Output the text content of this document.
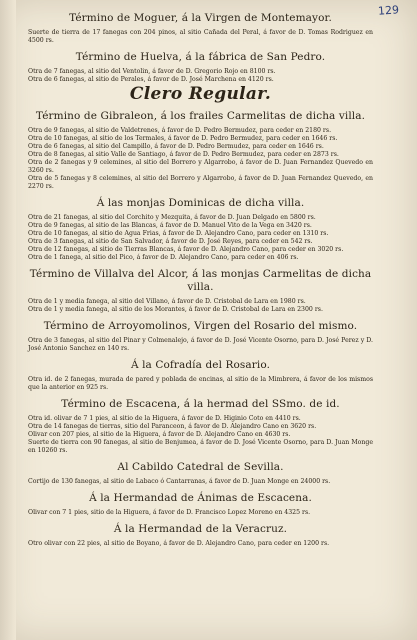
129
Término de Moguer, á la Virgen de Montemayor.

Suerte de tierra de 17 fanegas con 204 pinos, al sitio Cañada del Peral, á favor de D. Tomas Rodriguez en 4500 rs.

Término de Huelva, á la fábrica de San Pedro.

Otra de 7 fanegas, al sitio del Ventolin, á favor de D. Gregorio Rojo en 8100 rs.

Otra de 6 fanegas, al sitio de Perales, á favor de D. José Marchena en 4120 rs.

Clero Regular.
Término de Gibraleon, á los frailes Carmelitas de dicha villa.

Otra de 9 fanegas, al sitio de Valdetrenes, á favor de D. Pedro Bermudez, para ceder en 2180 rs.

Otra de 10 fanegas, al sitio de los Termales, á favor de D. Pedro Bermudez, para ceder en 1646 rs.

Otra de 6 fanegas, al sitio del Campillo, á favor de D. Pedro Bermudez, para ceder en 1646 rs.

Otra de 8 fanegas, al sitio Valle de Santiago, á favor de D. Pedro Bermudez, para ceder en 2873 rs.

Otra de 2 fanegas y 9 celemines, al sitio del Borrero y Algarrobo, á favor de D. Juan Fernandez Quevedo en 3260 rs.

Otra de 5 fanegas y 8 celemines, al sitio del Borrero y Algarrobo, á favor de D. Juan Fernandez Quevedo, en 2270 rs.

Á las monjas Dominicas de dicha villa.

Otra de 21 fanegas, al sitio del Corchito y Mezquita, á favor de D. Juan Delgado en 5800 rs.

Otra de 9 fanegas, al sitio de las Blancas, á favor de D. Manuel Vito de la Vega en 3420 rs.

Otra de 10 fanegas, al sitio de Agua Frias, á favor de D. Alejandro Cano, para ceder en 1310 rs.

Otra de 3 fanegas, al sitio de San Salvador, á favor de D. José Reyes, para ceder en 542 rs.

Otra de 12 fanegas, al sitio de Tierras Blancas, á favor de D. Alejandro Cano, para ceder en 3020 rs.

Otra de 1 fanega, al sitio del Pico, á favor de D. Alejandro Cano, para ceder en 406 rs.

Término de Villalva del Alcor, á las monjas Carmelitas de dicha villa.

Otra de 1 y media fanega, al sitio del Villano, á favor de D. Cristobal de Lara en 1980 rs.

Otra de 1 y media fanega, al sitio de los Morantes, á favor de D. Cristobal de Lara en 2300 rs.

Término de Arroyomolinos, Virgen del Rosario del mismo.

Otra de 3 fanegas, al sitio del Pinar y Colmenalejo, á favor de D. José Vicente Osorno, para D. José Perez y D. José Antonio Sanchez en 140 rs.

Á la Cofradía del Rosario.

Otra id. de 2 fanegas, murada de pared y poblada de encinas, al sitio de la Mimbrera, á favor de los mismos que la anterior en 925 rs.

Término de Escacena, á la hermad del SSmo. de id.

Otra id. olivar de 7 1 pies, al sitio de la Higuera, á favor de D. Higinio Coto en 4410 rs.

Otra de 14 fanegas de tierras, sitio del Paranceon, á favor de D. Alejandro Cano en 3620 rs.

Olivar con 207 pies, al sitio de la Higuera, á favor de D. Alejandro Cano en 4630 rs.

Suerte de tierra con 90 fanegas, al sitio de Benjumea, á favor de D. José Vicente Osorno, para D. Juan Monge en 10260 rs.

Al Cabildo Catedral de Sevilla.

Cortijo de 130 fanegas, al sitio de Labaco ó Cantarranas, á favor de D. Juan Monge en 24000 rs.

Á la Hermandad de Ánimas de Escacena.

Olivar con 7 1 pies, sitio de la Higuera, á favor de D. Francisco Lopez Moreno en 4325 rs.

Á la Hermandad de la Veracruz.

Otro olivar con 22 pies, al sitio de Boyano, á favor de D. Alejandro Cano, para ceder en 1200 rs.
